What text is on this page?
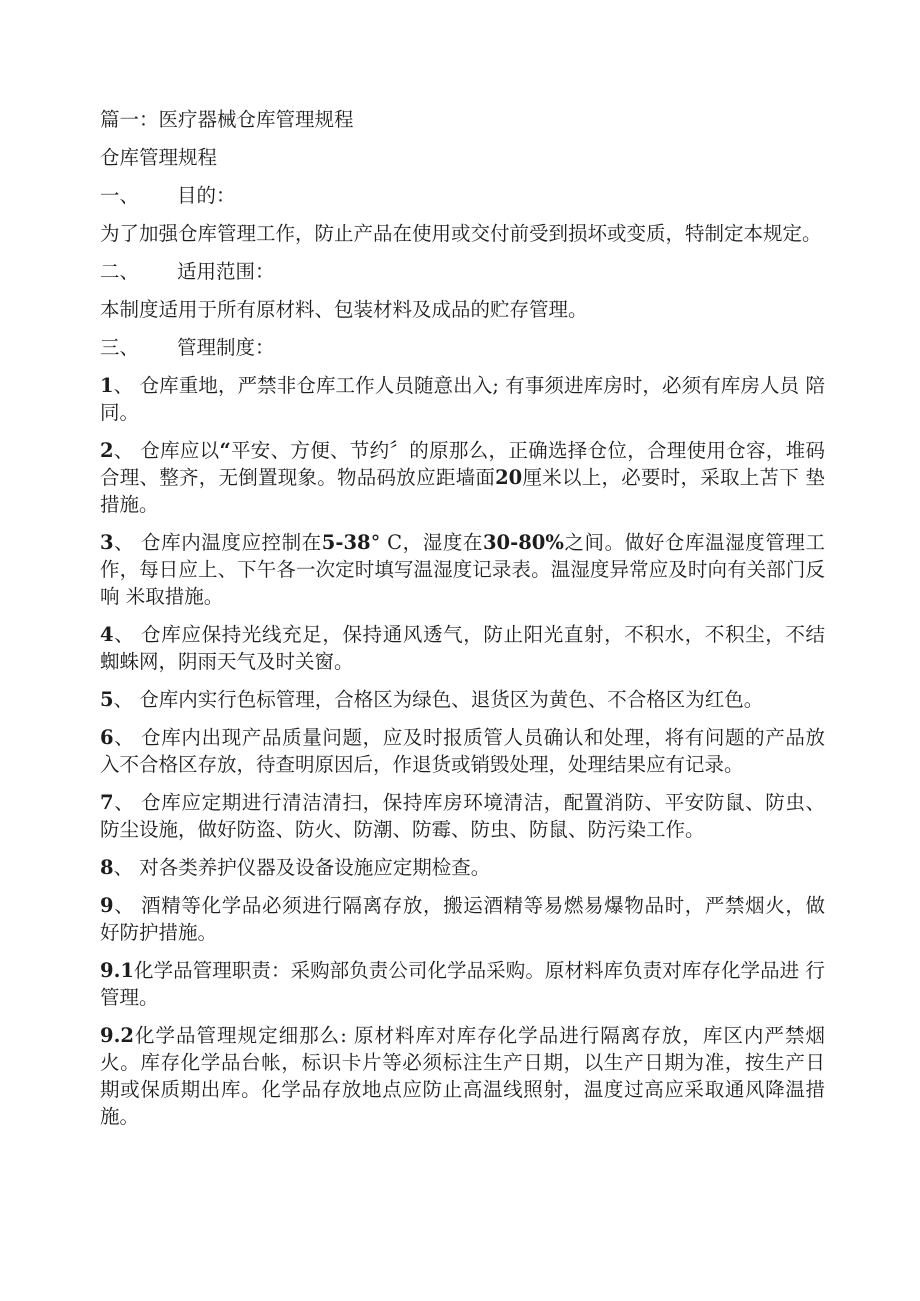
篇一：医疗器械仓库管理规程

仓库管理规程

一、 目的：

为了加强仓库管理工作，防止产品在使用或交付前受到损坏或变质，特制定本规定。

二、 适用范围：

本制度适用于所有原材料、包装材料及成品的贮存管理。

三、 管理制度：

1、 仓库重地，严禁非仓库工作人员随意出入; 有事须进库房时，必须有库房人员 陪同。

2、 仓库应以“平安、方便、节约〞的原那么，正确选择仓位，合理使用仓容，堆码合理、整齐，无倒置现象。物品码放应距墙面20厘米以上，必要时，采取上苫下 垫措施。

3、 仓库内温度应控制在5-38° C，湿度在30-80%之间。做好仓库温湿度管理工作，每日应上、下午各一次定时填写温湿度记录表。温湿度异常应及时向有关部门反响 米取措施。

4、 仓库应保持光线充足，保持通风透气，防止阳光直射，不积水，不积尘，不结 蜘蛛网，阴雨天气及时关窗。

5、 仓库内实行色标管理，合格区为绿色、退货区为黄色、不合格区为红色。

6、 仓库内出现产品质量问题，应及时报质管人员确认和处理，将有问题的产品放 入不合格区存放，待查明原因后，作退货或销毁处理，处理结果应有记录。

7、 仓库应定期进行清洁清扫，保持库房环境清洁，配置消防、平安防鼠、防虫、 防尘设施，做好防盗、防火、防潮、防霉、防虫、防鼠、防污染工作。

8、 对各类养护仪器及设备设施应定期检查。

9、 酒精等化学品必须进行隔离存放，搬运酒精等易燃易爆物品时，严禁烟火，做 好防护措施。

9.1化学品管理职责：采购部负责公司化学品采购。原材料库负责对库存化学品进 行管理。

9.2化学品管理规定细那么: 原材料库对库存化学品进行隔离存放，库区内严禁烟 火。库存化学品台帐，标识卡片等必须标注生产日期，以生产日期为准，按生产日 期或保质期出库。化学品存放地点应防止高温线照射，温度过高应采取通风降温措 施。
